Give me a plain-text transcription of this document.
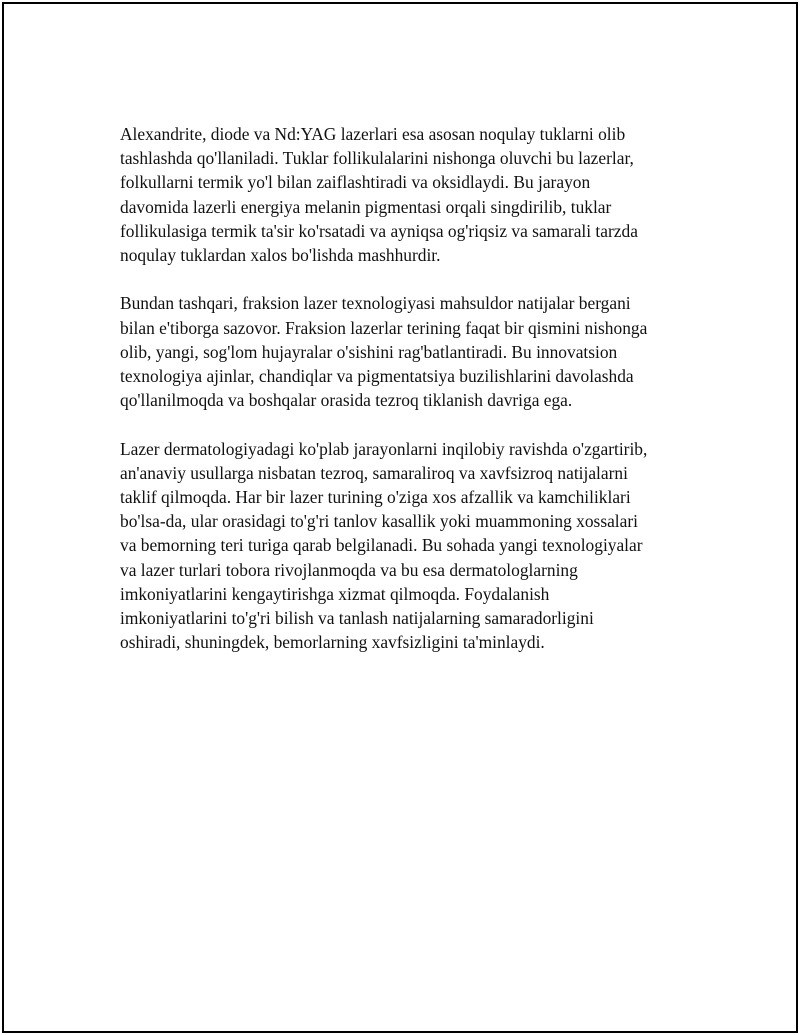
Alexandrite, diode va Nd:YAG lazerlari esa asosan noqulay tuklarni olib
tashlashda qo'llaniladi. Tuklar follikulalarini nishonga oluvchi bu lazerlar,
folkullarni termik yo'l bilan zaiflashtiradi va oksidlaydi. Bu jarayon
davomida lazerli energiya melanin pigmentasi orqali singdirilib, tuklar
follikulasiga termik ta'sir ko'rsatadi va ayniqsa og'riqsiz va samarali tarzda
noqulay tuklardan xalos bo'lishda mashhurdir.

Bundan tashqari, fraksion lazer texnologiyasi mahsuldor natijalar bergani
bilan e'tiborga sazovor. Fraksion lazerlar terining faqat bir qismini nishonga
olib, yangi, sog'lom hujayralar o'sishini rag'batlantiradi. Bu innovatsion
texnologiya ajinlar, chandiqlar va pigmentatsiya buzilishlarini davolashda
qo'llanilmoqda va boshqalar orasida tezroq tiklanish davriga ega.

Lazer dermatologiyadagi ko'plab jarayonlarni inqilobiy ravishda o'zgartirib,
an'anaviy usullarga nisbatan tezroq, samaraliroq va xavfsizroq natijalarni
taklif qilmoqda. Har bir lazer turining o'ziga xos afzallik va kamchiliklari
bo'lsa-da, ular orasidagi to'g'ri tanlov kasallik yoki muammoning xossalari
va bemorning teri turiga qarab belgilanadi. Bu sohada yangi texnologiyalar
va lazer turlari tobora rivojlanmoqda va bu esa dermatologlarning
imkoniyatlarini kengaytirishga xizmat qilmoqda. Foydalanish
imkoniyatlarini to'g'ri bilish va tanlash natijalarning samaradorligini
oshiradi, shuningdek, bemorlarning xavfsizligini ta'minlaydi.
